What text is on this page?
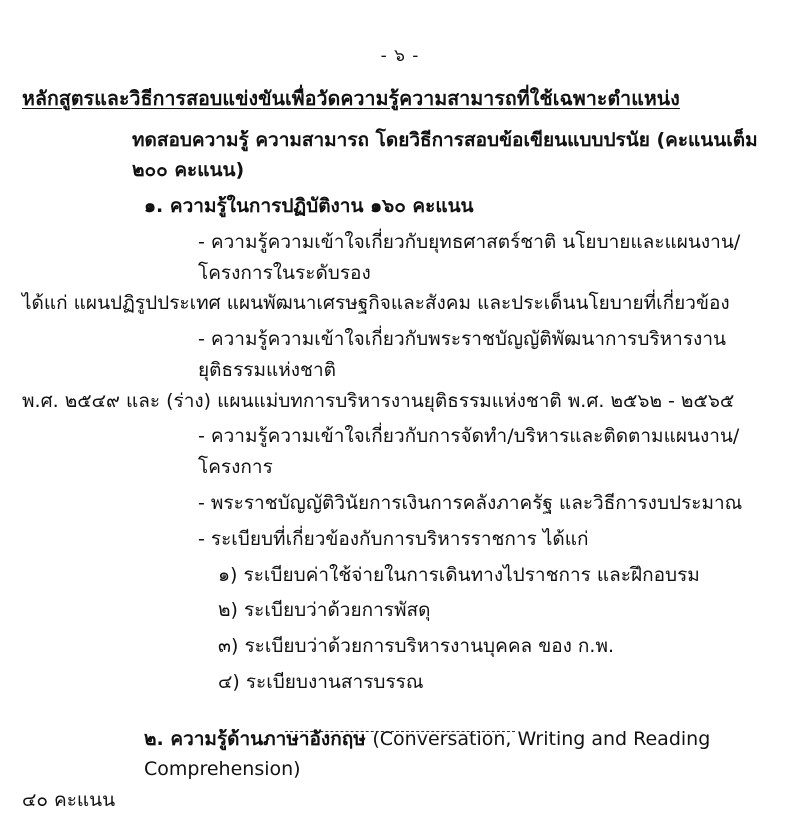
- ๖ -
หลักสูตรและวิธีการสอบแข่งขันเพื่อวัดความรู้ความสามารถที่ใช้เฉพาะตำแหน่ง
ทดสอบความรู้ ความสามารถ โดยวิธีการสอบข้อเขียนแบบปรนัย (คะแนนเต็ม ๒๐๐ คะแนน)
๑. ความรู้ในการปฏิบัติงาน ๑๖๐ คะแนน
- ความรู้ความเข้าใจเกี่ยวกับยุทธศาสตร์ชาติ นโยบายและแผนงาน/โครงการในระดับรอง
ได้แก่ แผนปฏิรูปประเทศ แผนพัฒนาเศรษฐกิจและสังคม และประเด็นนโยบายที่เกี่ยวข้อง
- ความรู้ความเข้าใจเกี่ยวกับพระราชบัญญัติพัฒนาการบริหารงานยุติธรรมแห่งชาติ
พ.ศ. ๒๕๔๙ และ (ร่าง) แผนแม่บทการบริหารงานยุติธรรมแห่งชาติ พ.ศ. ๒๕๖๒ - ๒๕๖๕
- ความรู้ความเข้าใจเกี่ยวกับการจัดทำ/บริหารและติดตามแผนงาน/โครงการ
- พระราชบัญญัติวินัยการเงินการคลังภาครัฐ และวิธีการงบประมาณ
- ระเบียบที่เกี่ยวข้องกับการบริหารราชการ ได้แก่
๑) ระเบียบค่าใช้จ่ายในการเดินทางไปราชการ และฝึกอบรม
๒) ระเบียบว่าด้วยการพัสดุ
๓) ระเบียบว่าด้วยการบริหารงานบุคคล ของ ก.พ.
๔) ระเบียบงานสารบรรณ
๒. ความรู้ด้านภาษาอังกฤษ (Conversation, Writing and Reading Comprehension)
๔๐ คะแนน
